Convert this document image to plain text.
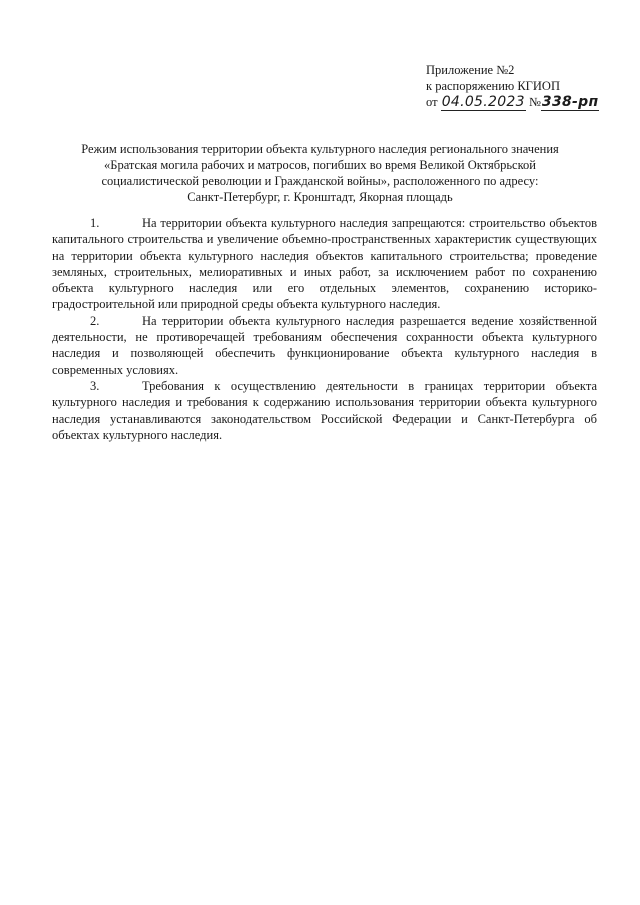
Приложение №2
к распоряжению КГИОП
от 04.05.2023 №338-рп
Режим использования территории объекта культурного наследия регионального значения
«Братская могила рабочих и матросов, погибших во время Великой Октябрьской
социалистической революции и Гражданской войны», расположенного по адресу:
Санкт-Петербург, г. Кронштадт, Якорная площадь

1.	На территории объекта культурного наследия запрещаются: строительство объектов капитального строительства и увеличение объемно-пространственных характеристик существующих на территории объекта культурного наследия объектов капитального строительства; проведение земляных, строительных, мелиоративных и иных работ, за исключением работ по сохранению объекта культурного наследия или его отдельных элементов, сохранению историко-градостроительной или природной среды объекта культурного наследия.

2.	На территории объекта культурного наследия разрешается ведение хозяйственной деятельности, не противоречащей требованиям обеспечения сохранности объекта культурного наследия и позволяющей обеспечить функционирование объекта культурного наследия в современных условиях.

3.	Требования к осуществлению деятельности в границах территории объекта культурного наследия и требования к содержанию использования территории объекта культурного наследия устанавливаются законодательством Российской Федерации и Санкт-Петербурга об объектах культурного наследия.
